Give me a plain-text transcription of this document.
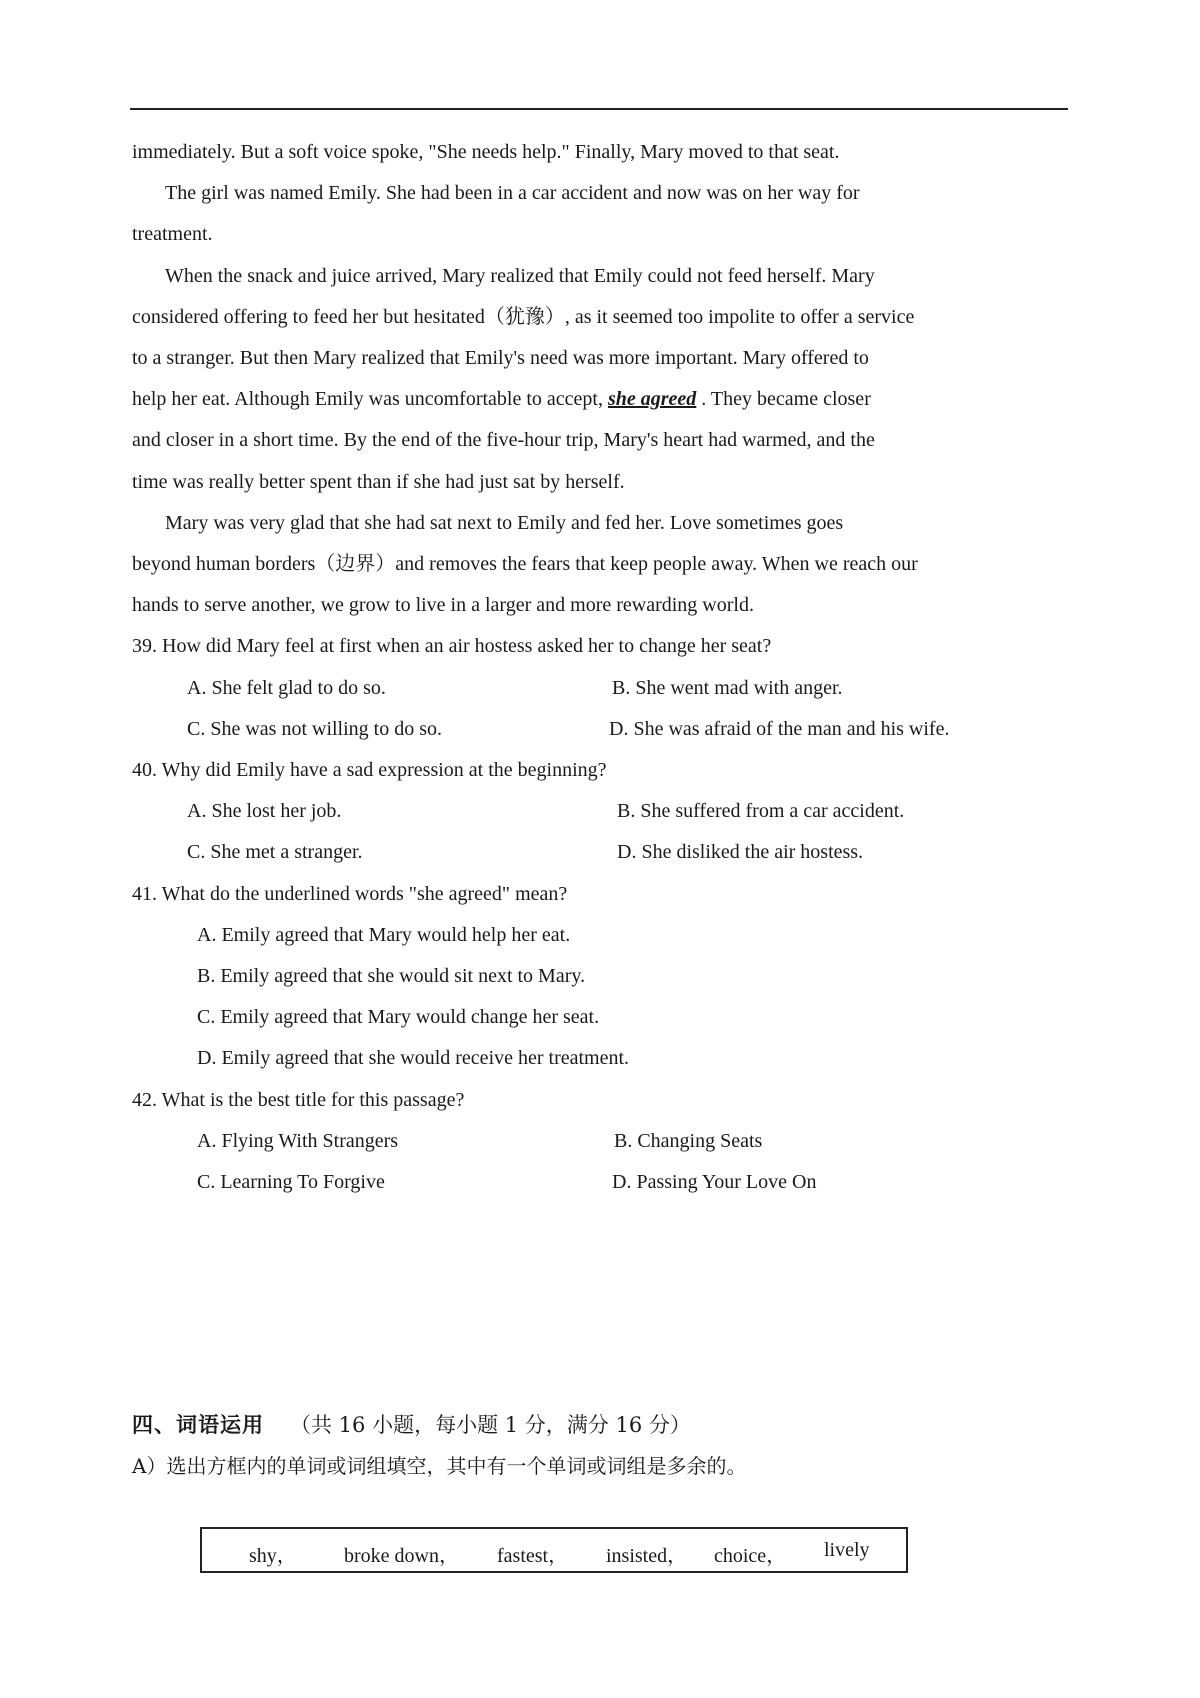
immediately. But a soft voice spoke, "She needs help." Finally, Mary moved to that seat.
The girl was named Emily. She had been in a car accident and now was on her way for
treatment.
When the snack and juice arrived, Mary realized that Emily could not feed herself. Mary
considered offering to feed her but hesitated（犹豫）, as it seemed too impolite to offer a service
to a stranger. But then Mary realized that Emily's need was more important. Mary offered to
help her eat. Although Emily was uncomfortable to accept, she agreed . They became closer
and closer in a short time. By the end of the five-hour trip, Mary's heart had warmed, and the
time was really better spent than if she had just sat by herself.
Mary was very glad that she had sat next to Emily and fed her. Love sometimes goes
beyond human borders（边界）and removes the fears that keep people away. When we reach our
hands to serve another, we grow to live in a larger and more rewarding world.
39. How did Mary feel at first when an air hostess asked her to change her seat?
A. She felt glad to do so.	B. She went mad with anger.
C. She was not willing to do so.	D. She was afraid of the man and his wife.
40. Why did Emily have a sad expression at the beginning?
A. She lost her job.	B. She suffered from a car accident.
C. She met a stranger.	D. She disliked the air hostess.
41. What do the underlined words "she agreed" mean?
A. Emily agreed that Mary would help her eat.
B. Emily agreed that she would sit next to Mary.
C. Emily agreed that Mary would change her seat.
D. Emily agreed that she would receive her treatment.
42. What is the best title for this passage?
A. Flying With Strangers	B. Changing Seats
C. Learning To Forgive	D. Passing Your Love On
四、词语运用 （共 16 小题，每小题 1 分，满分 16 分）
A）选出方框内的单词或词组填空，其中有一个单词或词组是多余的。
shy， broke down， fastest， insisted， choice， lively
